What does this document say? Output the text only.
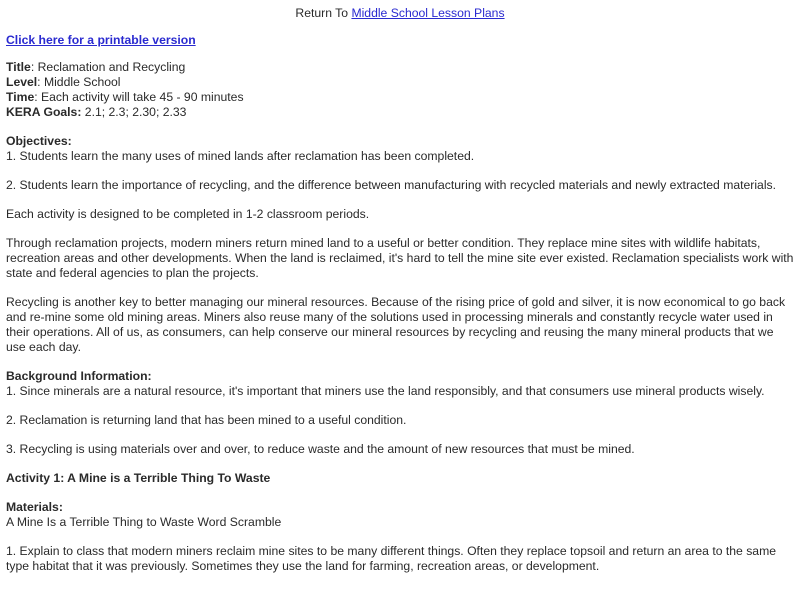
Return To Middle School Lesson Plans
Click here for a printable version
Title: Reclamation and Recycling
Level: Middle School
Time: Each activity will take 45 - 90 minutes
KERA Goals: 2.1; 2.3; 2.30; 2.33
Objectives:

1. Students learn the many uses of mined lands after reclamation has been completed.

2. Students learn the importance of recycling, and the difference between manufacturing with recycled materials and newly extracted materials.

Each activity is designed to be completed in 1-2 classroom periods.

Through reclamation projects, modern miners return mined land to a useful or better condition. They replace mine sites with wildlife habitats, recreation areas and other developments. When the land is reclaimed, it's hard to tell the mine site ever existed. Reclamation specialists work with state and federal agencies to plan the projects.

Recycling is another key to better managing our mineral resources. Because of the rising price of gold and silver, it is now economical to go back and re-mine some old mining areas. Miners also reuse many of the solutions used in processing minerals and constantly recycle water used in their operations. All of us, as consumers, can help conserve our mineral resources by recycling and reusing the many mineral products that we use each day.

Background Information:

1. Since minerals are a natural resource, it's important that miners use the land responsibly, and that consumers use mineral products wisely.

2. Reclamation is returning land that has been mined to a useful condition.

3. Recycling is using materials over and over, to reduce waste and the amount of new resources that must be mined.

Activity 1: A Mine is a Terrible Thing To Waste
Materials:

A Mine Is a Terrible Thing to Waste Word Scramble

1. Explain to class that modern miners reclaim mine sites to be many different things. Often they replace topsoil and return an area to the same type habitat that it was previously. Sometimes they use the land for farming, recreation areas, or development.
